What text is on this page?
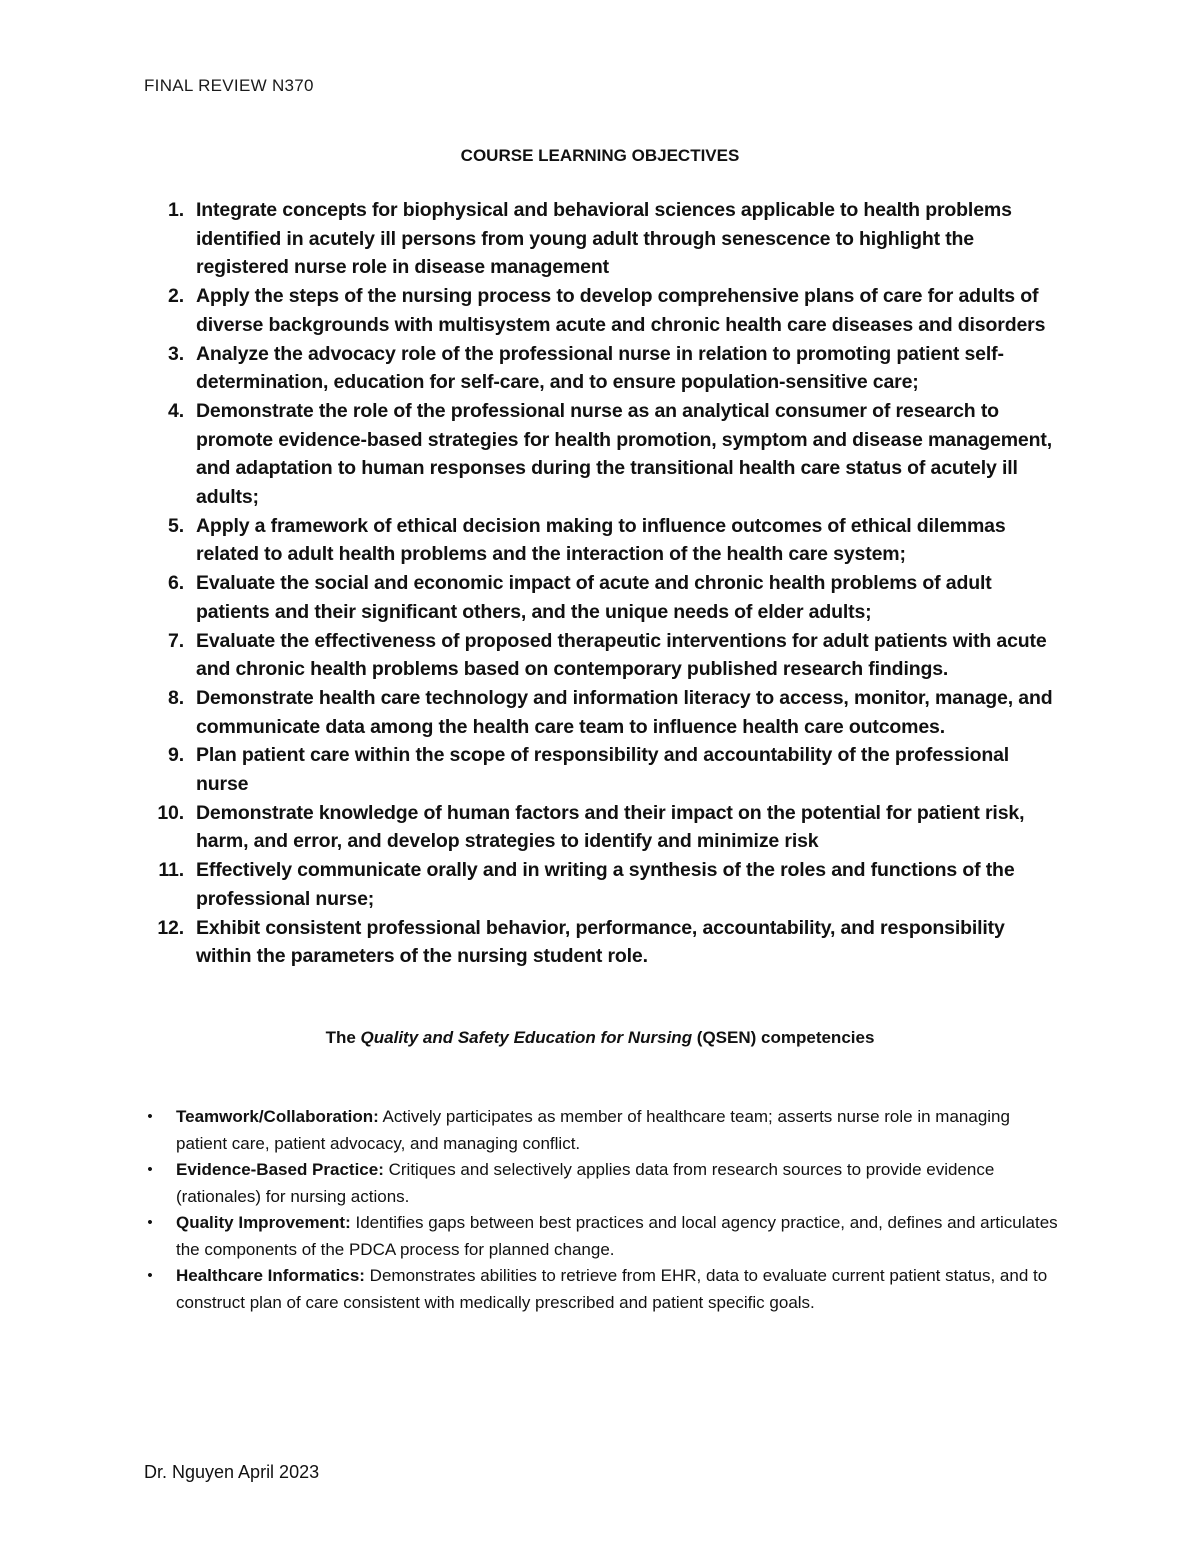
FINAL REVIEW N370
COURSE LEARNING OBJECTIVES
1. Integrate concepts for biophysical and behavioral sciences applicable to health problems identified in acutely ill persons from young adult through senescence to highlight the registered nurse role in disease management
2. Apply the steps of the nursing process to develop comprehensive plans of care for adults of diverse backgrounds with multisystem acute and chronic health care diseases and disorders
3. Analyze the advocacy role of the professional nurse in relation to promoting patient self-determination, education for self-care, and to ensure population-sensitive care;
4. Demonstrate the role of the professional nurse as an analytical consumer of research to promote evidence-based strategies for health promotion, symptom and disease management, and adaptation to human responses during the transitional health care status of acutely ill adults;
5. Apply a framework of ethical decision making to influence outcomes of ethical dilemmas related to adult health problems and the interaction of the health care system;
6. Evaluate the social and economic impact of acute and chronic health problems of adult patients and their significant others, and the unique needs of elder adults;
7. Evaluate the effectiveness of proposed therapeutic interventions for adult patients with acute and chronic health problems based on contemporary published research findings.
8. Demonstrate health care technology and information literacy to access, monitor, manage, and communicate data among the health care team to influence health care outcomes.
9. Plan patient care within the scope of responsibility and accountability of the professional nurse
10. Demonstrate knowledge of human factors and their impact on the potential for patient risk, harm, and error, and develop strategies to identify and minimize risk
11. Effectively communicate orally and in writing a synthesis of the roles and functions of the professional nurse;
12. Exhibit consistent professional behavior, performance, accountability, and responsibility within the parameters of the nursing student role.
The Quality and Safety Education for Nursing (QSEN) competencies
• Teamwork/Collaboration: Actively participates as member of healthcare team; asserts nurse role in managing patient care, patient advocacy, and managing conflict.
• Evidence-Based Practice: Critiques and selectively applies data from research sources to provide evidence (rationales) for nursing actions.
• Quality Improvement: Identifies gaps between best practices and local agency practice, and, defines and articulates the components of the PDCA process for planned change.
• Healthcare Informatics: Demonstrates abilities to retrieve from EHR, data to evaluate current patient status, and to construct plan of care consistent with medically prescribed and patient specific goals.
Dr. Nguyen April 2023
